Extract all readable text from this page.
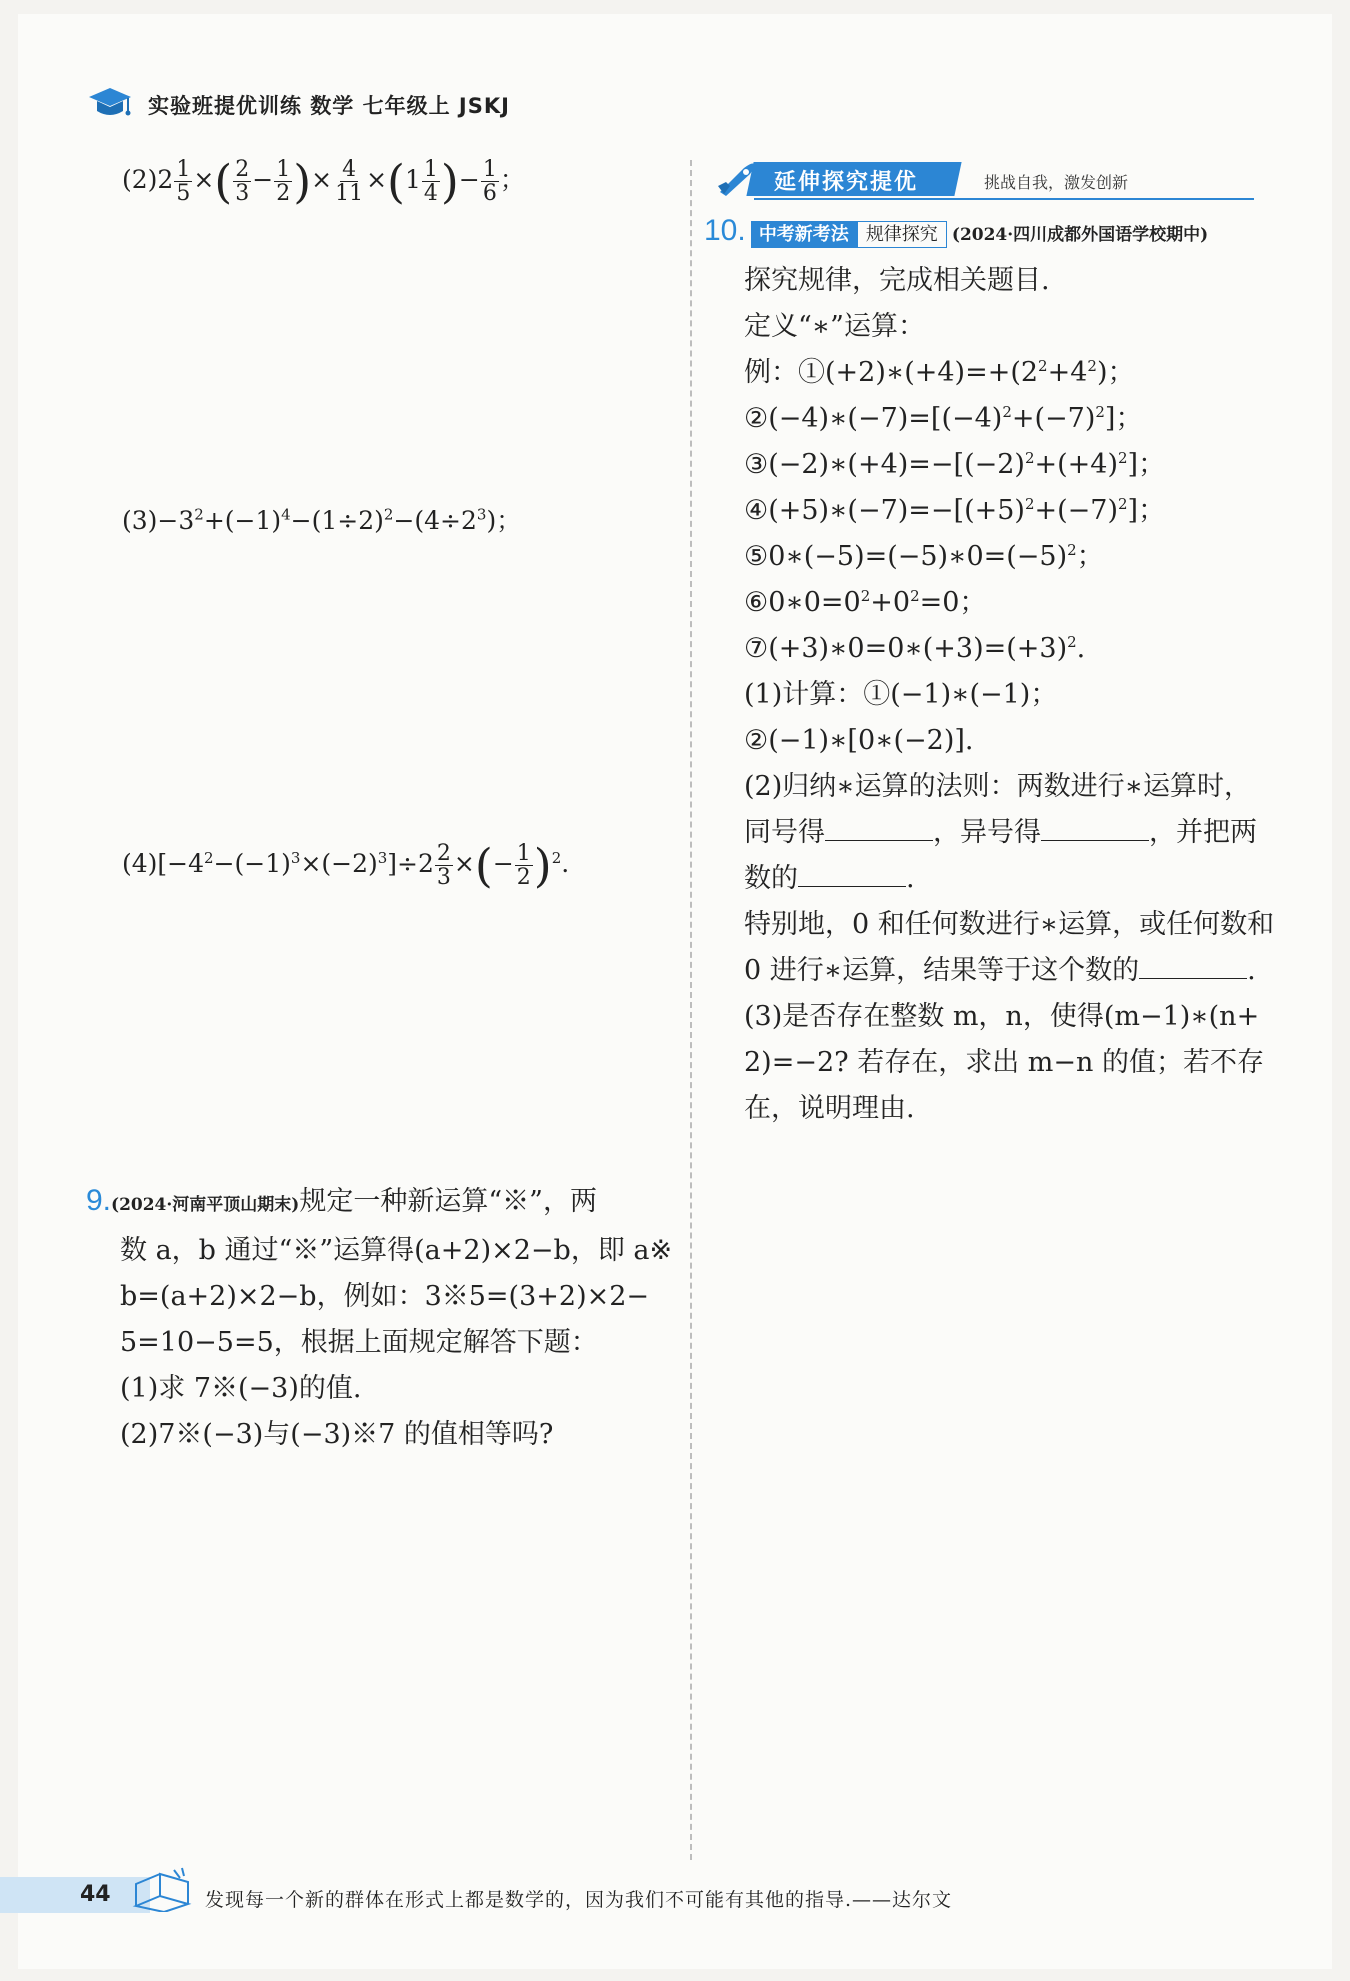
实验班提优训练 数学 七年级上 JSKJ
$(2)2 \frac{1}{5}$ ×( $\frac{2}{3} - \frac{1}{2}$ )× $\frac{4}{11} \times(1 \frac{1}{4}$ )− $\frac{1}{6}$ ；
$(3)-3^2+(-1)^4-(1\div 2)^2-(4\div 2^3)$；
$(4)[-4^2-(-1)^3\times(-2)^3]\div 2 \frac{2}{3}$ ×(− $\frac{1}{2} )^2$.

9.(2024·河南平顶山期末)规定一种新运算“※”，两

数 a，b 通过“※”运算得(a+2)×2−b，即 a※

b=(a+2)×2−b，例如：3※5=(3+2)×2−

5=10−5=5，根据上面规定解答下题：

(1)求 7※(−3)的值.

(2)7※(−3)与(−3)※7 的值相等吗?

延伸探究提优	挑战自我，激发创新
10. 中考新考法 规律探究 (2024·四川成都外国语学校期中)

探究规律，完成相关题目.

定义“∗”运算：

例：$①(+2)∗(+4)=+(2^2+4^2)$；

$②(-4)∗(-7)=[(-4)^2+(-7)^2]$；

$③(-2)∗(+4)=-[(-2)^2+(+4)^2]$；

$④(+5)∗(-7)=-[(+5)^2+(-7)^2]$；

$⑤0∗(-5)=(-5)∗0=(-5)^2$；

$⑥0∗0=0^2+0^2=0$；

$⑦(+3)∗0=0∗(+3)=(+3)^2$.

(1)计算：①(−1)∗(−1)；

②(−1)∗[0∗(−2)].

(2)归纳∗运算的法则：两数进行∗运算时，

同号得	，异号得	，并把两

数的	.

特别地，0 和任何数进行∗运算，或任何数和

0 进行∗运算，结果等于这个数的	.

(3)是否存在整数 m，n，使得(m−1)∗(n+

2)=−2? 若存在，求出 m−n 的值；若不存

在，说明理由.

44	发现每一个新的群体在形式上都是数学的，因为我们不可能有其他的指导.——达尔文
